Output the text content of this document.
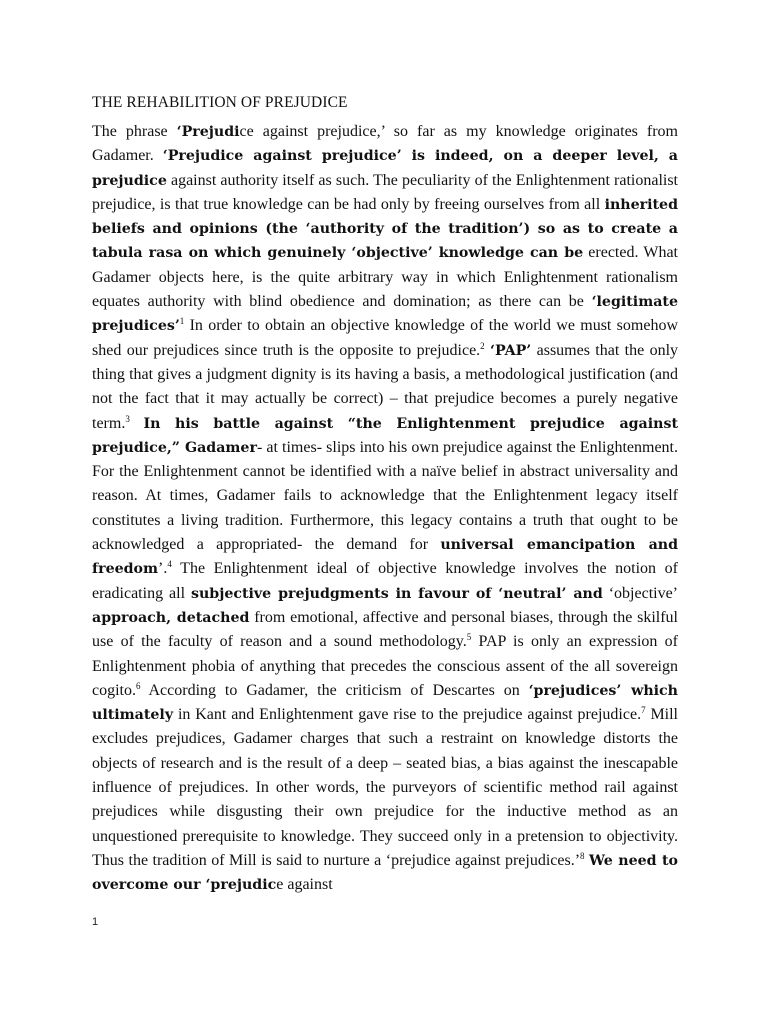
THE REHABILITION OF PREJUDICE

The phrase ‘Prejudice against prejudice,’ so far as my knowledge originates from Gadamer. ‘Prejudice against prejudice’ is indeed, on a deeper level, a prejudice against authority itself as such. The peculiarity of the Enlightenment rationalist prejudice, is that true knowledge can be had only by freeing ourselves from all inherited beliefs and opinions (the ‘authority of the tradition’) so as to create a tabula rasa on which genuinely ‘objective’ knowledge can be erected. What Gadamer objects here, is the quite arbitrary way in which Enlightenment rationalism equates authority with blind obedience and domination; as there can be ‘legitimate prejudices’$^1$ In order to obtain an objective knowledge of the world we must somehow shed our prejudices since truth is the opposite to prejudice.$^2$ ‘PAP’ assumes that the only thing that gives a judgment dignity is its having a basis, a methodological justification (and not the fact that it may actually be correct) – that prejudice becomes a purely negative term.$^3$ In his battle against “the Enlightenment prejudice against prejudice,” Gadamer- at times- slips into his own prejudice against the Enlightenment. For the Enlightenment cannot be identified with a naïve belief in abstract universality and reason. At times, Gadamer fails to acknowledge that the Enlightenment legacy itself constitutes a living tradition. Furthermore, this legacy contains a truth that ought to be acknowledged a appropriated- the demand for universal emancipation and freedom’.$^4$ The Enlightenment ideal of objective knowledge involves the notion of eradicating all subjective prejudgments in favour of ‘neutral’ and ‘objective’ approach, detached from emotional, affective and personal biases, through the skilful use of the faculty of reason and a sound methodology.$^5$ PAP is only an expression of Enlightenment phobia of anything that precedes the conscious assent of the all sovereign cogito.$^6$ According to Gadamer, the criticism of Descartes on ‘prejudices’ which ultimately in Kant and Enlightenment gave rise to the prejudice against prejudice.$^7$ Mill excludes prejudices, Gadamer charges that such a restraint on knowledge distorts the objects of research and is the result of a deep – seated bias, a bias against the inescapable influence of prejudices. In other words, the purveyors of scientific method rail against prejudices while disgusting their own prejudice for the inductive method as an unquestioned prerequisite to knowledge. They succeed only in a pretension to objectivity. Thus the tradition of Mill is said to nurture a ‘prejudice against prejudices.’$^8$ We need to overcome our ‘prejudice against

1
